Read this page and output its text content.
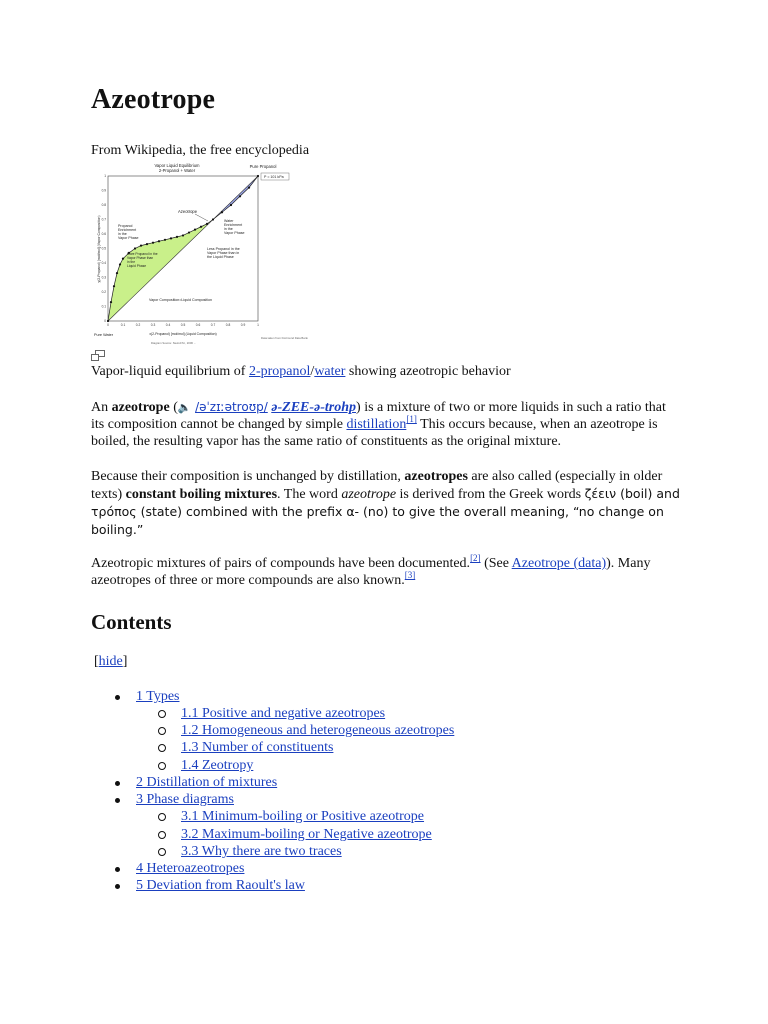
Azeotrope
From Wikipedia, the free encyclopedia
Vapor Liquid Equilibrium
2-Propanol + Water
Pure Propanol
P = 101 kPa
1
0.9
0.8
0.7
0.6
0.5
0.4
0.3
0.2
0.1
0
0	0.1	0.2	0.3	0.4	0.5	0.6	0.7	0.8	0.9	1
Azeotrope
Propanol
Enrichment
in the
Vapor Phase
Water
Enrichment
in the
Vapor Phase
More Propanol in the
Vapor Phase than
in the
Liquid Phase
Less Propanol in the
Vapor Phase than in
the Liquid Phase
Vapor Composition=Liquid Composition
Pure Water	x(2-Propanol) [mol/mol] (Liquid Composition)
y(2-Propanol) [mol/mol] (Vapor Composition)
Data taken from Dortmund Data Bank
Diagram Source: Steindl M., 2006 ...
Vapor-liquid equilibrium of 2-propanol/water showing azeotropic behavior

An azeotrope (🔈 /əˈzɪːətroʊp/ ə-ZEE-ə-trohp) is a mixture of two or more liquids in such a ratio that its composition cannot be changed by simple distillation[1] This occurs because, when an azeotrope is boiled, the resulting vapor has the same ratio of constituents as the original mixture.

Because their composition is unchanged by distillation, azeotropes are also called (especially in older texts) constant boiling mixtures. The word azeotrope is derived from the Greek words ζέειν (boil) and τρόπος (state) combined with the prefix α- (no) to give the overall meaning, “no change on boiling.”

Azeotropic mixtures of pairs of compounds have been documented.[2] (See Azeotrope (data)). Many azeotropes of three or more compounds are also known.[3]

Contents
[hide]
1 Types
1.1 Positive and negative azeotropes
1.2 Homogeneous and heterogeneous azeotropes
1.3 Number of constituents
1.4 Zeotropy
2 Distillation of mixtures
3 Phase diagrams
3.1 Minimum-boiling or Positive azeotrope
3.2 Maximum-boiling or Negative azeotrope
3.3 Why there are two traces
4 Heteroazeotropes
5 Deviation from Raoult's law
